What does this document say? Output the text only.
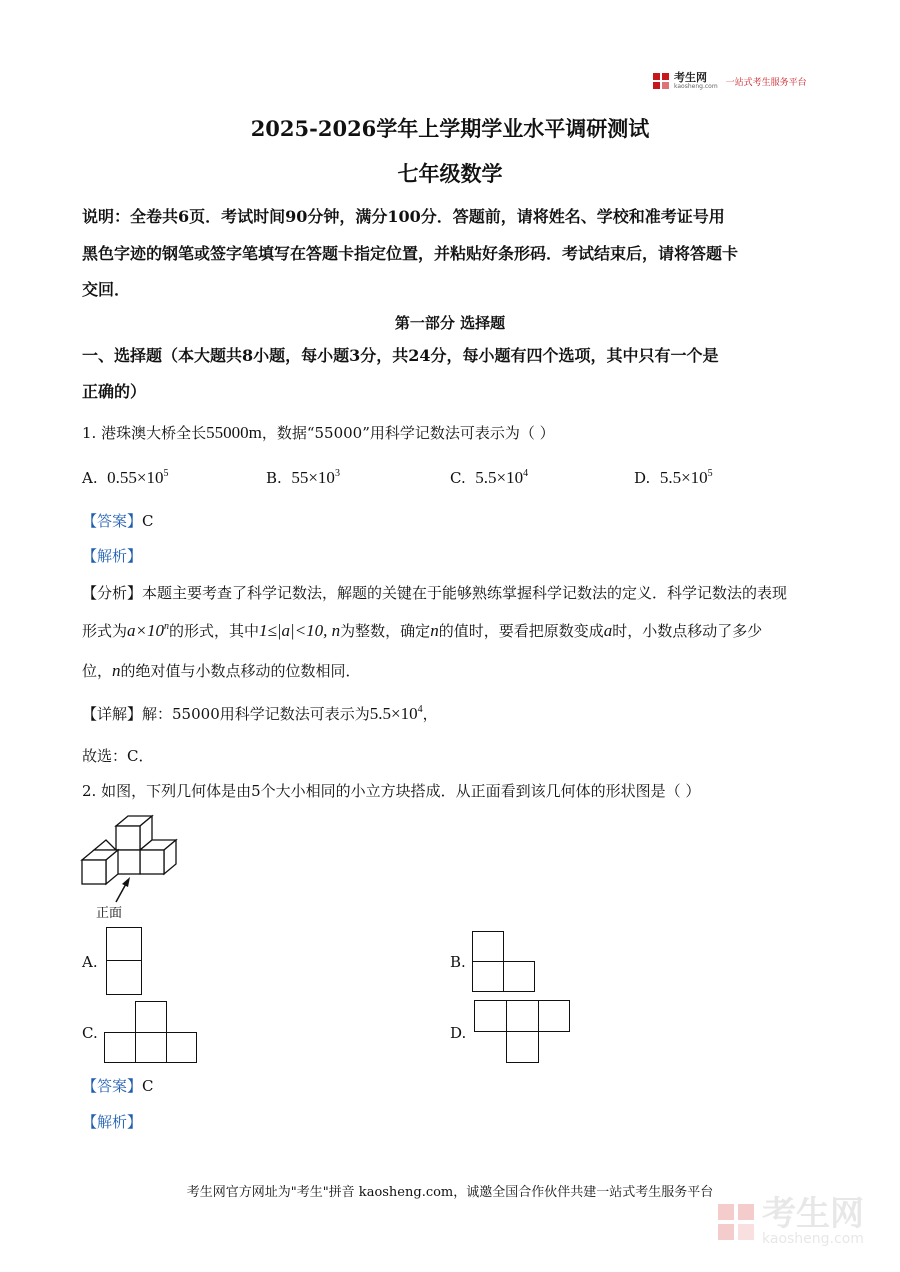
考生网
kaosheng.com 一站式考生服务平台
2025-2026学年上学期学业水平调研测试
七年级数学
说明：全卷共6页．考试时间90分钟，满分100分．答题前，请将姓名、学校和准考证号用
黑色字迹的钢笔或签字笔填写在答题卡指定位置，并粘贴好条形码．考试结束后，请将答题卡
交回．
第一部分 选择题
一、选择题（本大题共8小题，每小题3分，共24分，每小题有四个选项，其中只有一个是
正确的）
1. 港珠澳大桥全长55000m，数据“55000”用科学记数法可表示为（ ）
A. $0.55\times 10^5$	B. $55\times 10^3$	C. $5.5\times 10^4$	D. $5.5\times 10^5$
【答案】C
【解析】
【分析】本题主要考查了科学记数法，解题的关键在于能够熟练掌握科学记数法的定义．科学记数法的表现
形式为$a\times 10^n$的形式，其中1≤|a|<10, n为整数，确定n的值时，要看把原数变成a时，小数点移动了多少
位，n的绝对值与小数点移动的位数相同．
【详解】解：55000用科学记数法可表示为$5.5\times 10^4$，
故选：C．
2. 如图，下列几何体是由5个大小相同的小立方块搭成．从正面看到该几何体的形状图是（ ）
正面
A.	B.
C.	D.
【答案】C
【解析】
考生网官方网址为"考生"拼音 kaosheng.com，诚邀全国合作伙伴共建一站式考生服务平台
考生网
kaosheng.com
